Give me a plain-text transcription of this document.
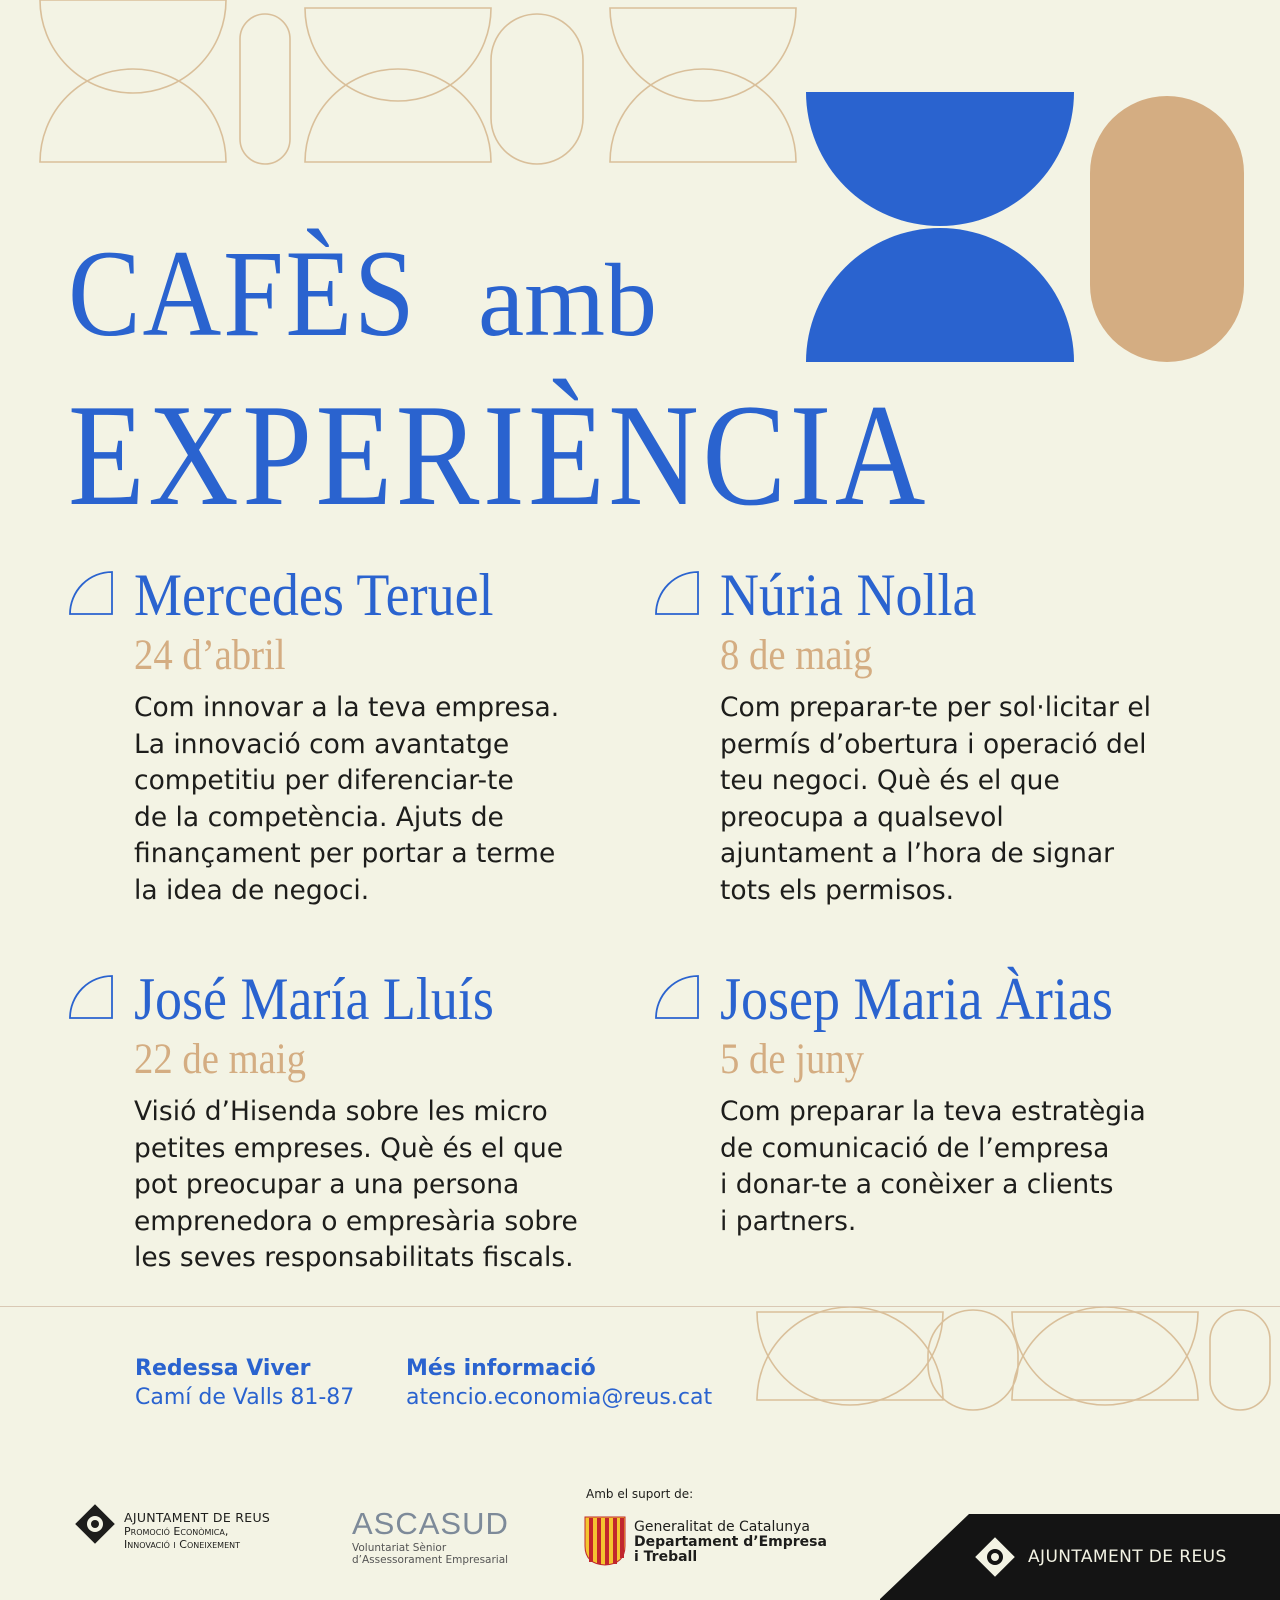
CAFÈS amb
EXPERIÈNCIA
Mercedes Teruel
24 d’abril
Com innovar a la teva empresa.
La innovació com avantatge
competitiu per diferenciar-te
de la competència. Ajuts de
finançament per portar a terme
la idea de negoci.
Núria Nolla
8 de maig
Com preparar-te per sol·licitar el
permís d’obertura i operació del
teu negoci. Què és el que
preocupa a qualsevol
ajuntament a l’hora de signar
tots els permisos.
José María Lluís
22 de maig
Visió d’Hisenda sobre les micro
petites empreses. Què és el que
pot preocupar a una persona
emprenedora o empresària sobre
les seves responsabilitats fiscals.
Josep Maria Àrias
5 de juny
Com preparar la teva estratègia
de comunicació de l’empresa
i donar-te a conèixer a clients
i partners.
Redessa Viver
Camí de Valls 81-87
Més informació
atencio.economia@reus.cat
AJUNTAMENT DE REUS
Promoció Econòmica,
Innovació i Coneixement
ASCASUD
Voluntariat Sènior
d’Assessorament Empresarial
Amb el suport de:
Generalitat de Catalunya
Departament d’Empresa
i Treball	AJUNTAMENT DE REUS
